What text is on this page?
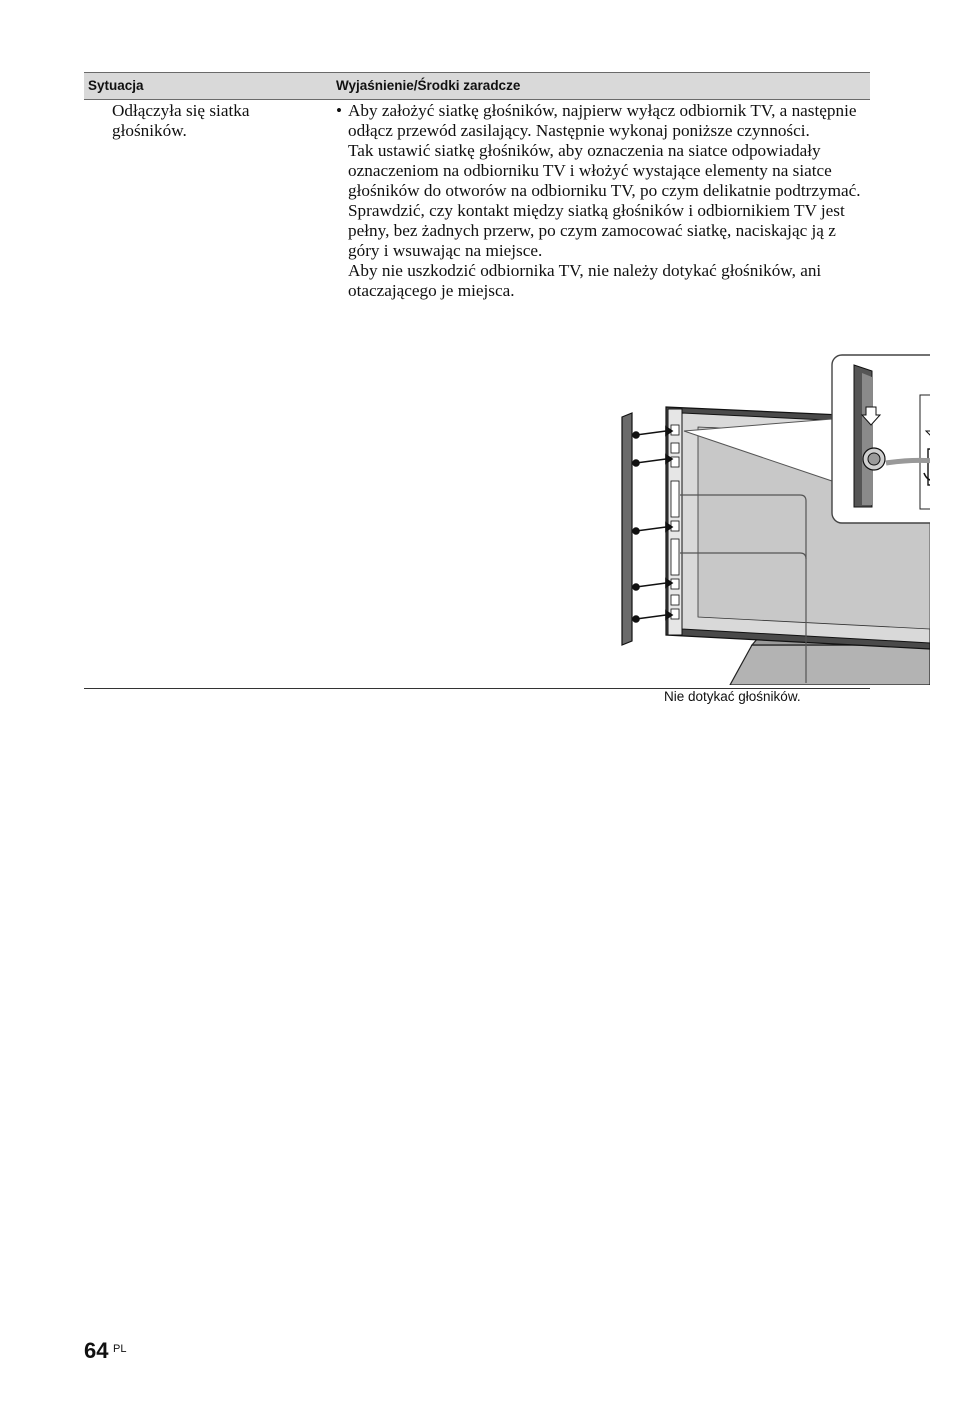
Sytuacja	Wyjaśnienie/Środki zaradcze
Odłączyła się siatka głośników.
• Aby założyć siatkę głośników, najpierw wyłącz odbiornik TV, a następnie odłącz przewód zasilający. Następnie wykonaj poniższe czynności.

Tak ustawić siatkę głośników, aby oznaczenia na siatce odpowiadały oznaczeniom na odbiorniku TV i włożyć wystające elementy na siatce głośników do otworów na odbiorniku TV, po czym delikatnie podtrzymać. Sprawdzić, czy kontakt między siatką głośników i odbiornikiem TV jest pełny, bez żadnych przerw, po czym zamocować siatkę, naciskając ją z góry i wsuwając na miejsce.

Aby nie uszkodzić odbiornika TV, nie należy dotykać głośników, ani otaczającego je miejsca.

Nie dotykać głośników.
64 PL
